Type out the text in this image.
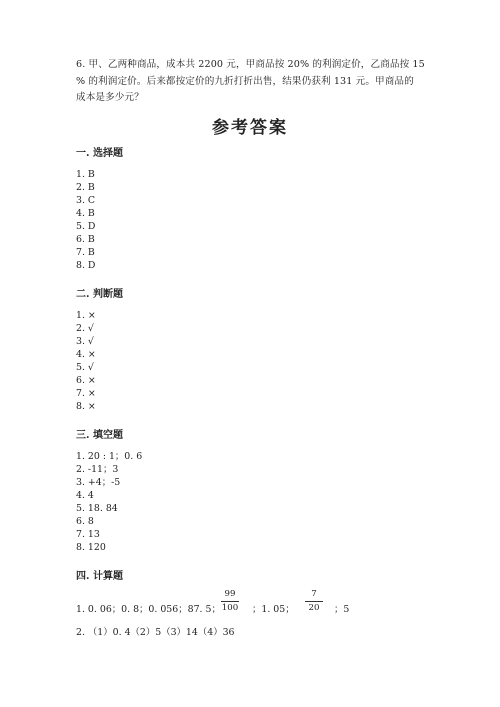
6. 甲、乙两种商品，成本共 2200 元，甲商品按 20% 的利润定价，乙商品按 15
% 的利润定价。后来都按定价的九折打折出售，结果仍获利 131 元。甲商品的
成本是多少元？
参考答案
一. 选择题
1. B
2. B
3. C
4. B
5. D
6. B
7. B
8. D
二. 判断题
1. ×
2. √
3. √
4. ×
5. √
6. ×
7. ×
8. ×
三. 填空题
1. 20 : 1；0. 6
2. -11；3
3. +4；-5
4. 4
5. 18. 84
6. 8
7. 13
8. 120
四. 计算题
1. 0. 06；0. 8；0. 056；87. 5；
99
100	；1. 05；
7
20	；5
2. （1）0. 4（2）5（3）14（4）36
